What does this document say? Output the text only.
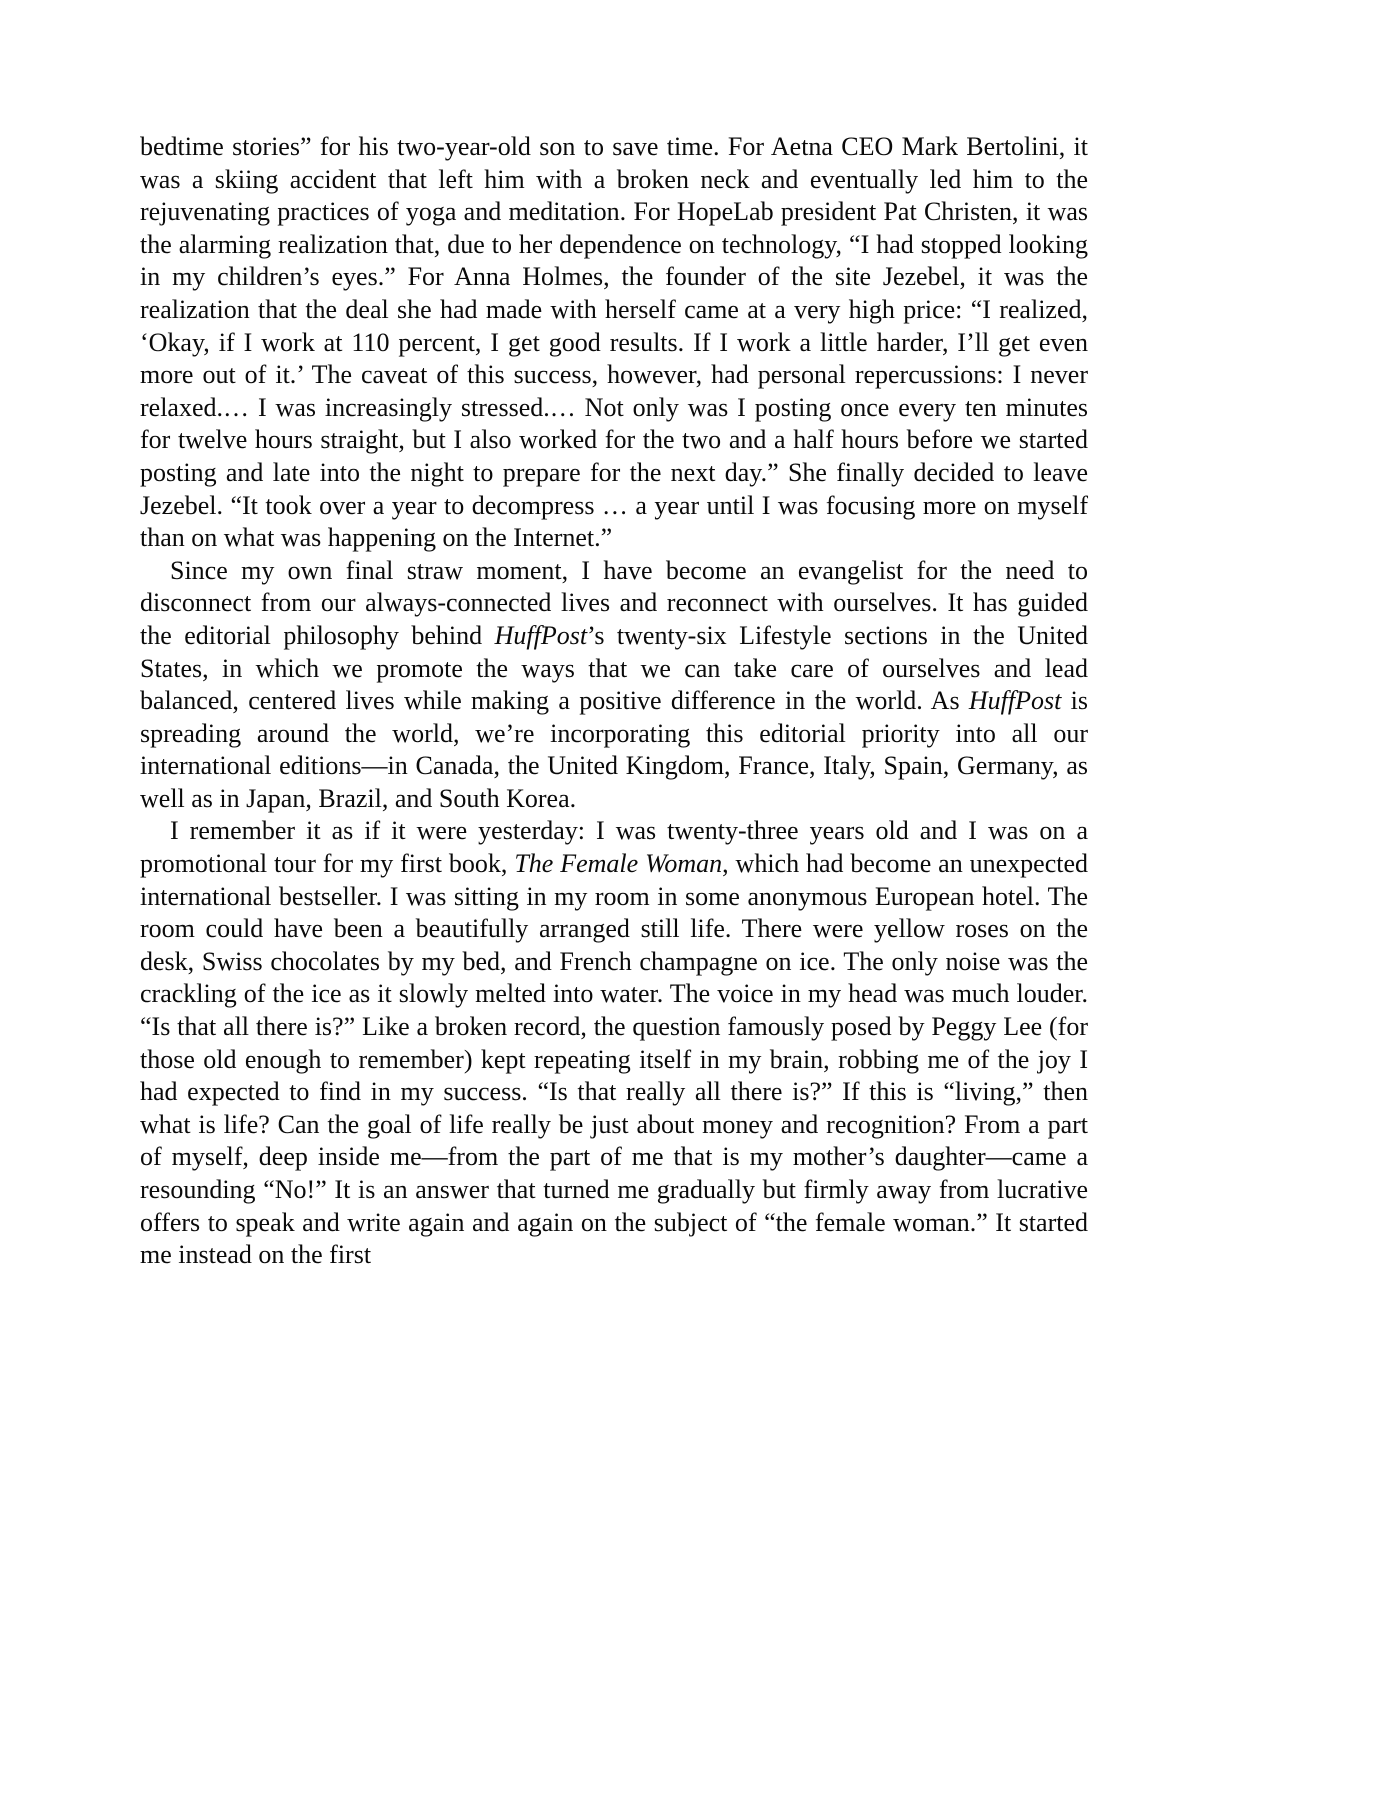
bedtime stories” for his two-year-old son to save time. For Aetna CEO Mark Bertolini, it was a skiing accident that left him with a broken neck and eventually led him to the rejuvenating practices of yoga and meditation. For HopeLab president Pat Christen, it was the alarming realization that, due to her dependence on technology, “I had stopped looking in my children’s eyes.” For Anna Holmes, the founder of the site Jezebel, it was the realization that the deal she had made with herself came at a very high price: “I realized, ‘Okay, if I work at 110 percent, I get good results. If I work a little harder, I’ll get even more out of it.’ The caveat of this success, however, had personal repercussions: I never relaxed.… I was increasingly stressed.… Not only was I posting once every ten minutes for twelve hours straight, but I also worked for the two and a half hours before we started posting and late into the night to prepare for the next day.” She finally decided to leave Jezebel. “It took over a year to decompress … a year until I was focusing more on myself than on what was happening on the Internet.”

Since my own final straw moment, I have become an evangelist for the need to disconnect from our always-connected lives and reconnect with ourselves. It has guided the editorial philosophy behind HuffPost’s twenty-six Lifestyle sections in the United States, in which we promote the ways that we can take care of ourselves and lead balanced, centered lives while making a positive difference in the world. As HuffPost is spreading around the world, we’re incorporating this editorial priority into all our international editions—in Canada, the United Kingdom, France, Italy, Spain, Germany, as well as in Japan, Brazil, and South Korea.

I remember it as if it were yesterday: I was twenty-three years old and I was on a promotional tour for my first book, The Female Woman, which had become an unexpected international bestseller. I was sitting in my room in some anonymous European hotel. The room could have been a beautifully arranged still life. There were yellow roses on the desk, Swiss chocolates by my bed, and French champagne on ice. The only noise was the crackling of the ice as it slowly melted into water. The voice in my head was much louder. “Is that all there is?” Like a broken record, the question famously posed by Peggy Lee (for those old enough to remember) kept repeating itself in my brain, robbing me of the joy I had expected to find in my success. “Is that really all there is?” If this is “living,” then what is life? Can the goal of life really be just about money and recognition? From a part of myself, deep inside me—from the part of me that is my mother’s daughter—came a resounding “No!” It is an answer that turned me gradually but firmly away from lucrative offers to speak and write again and again on the subject of “the female woman.” It started me instead on the first
